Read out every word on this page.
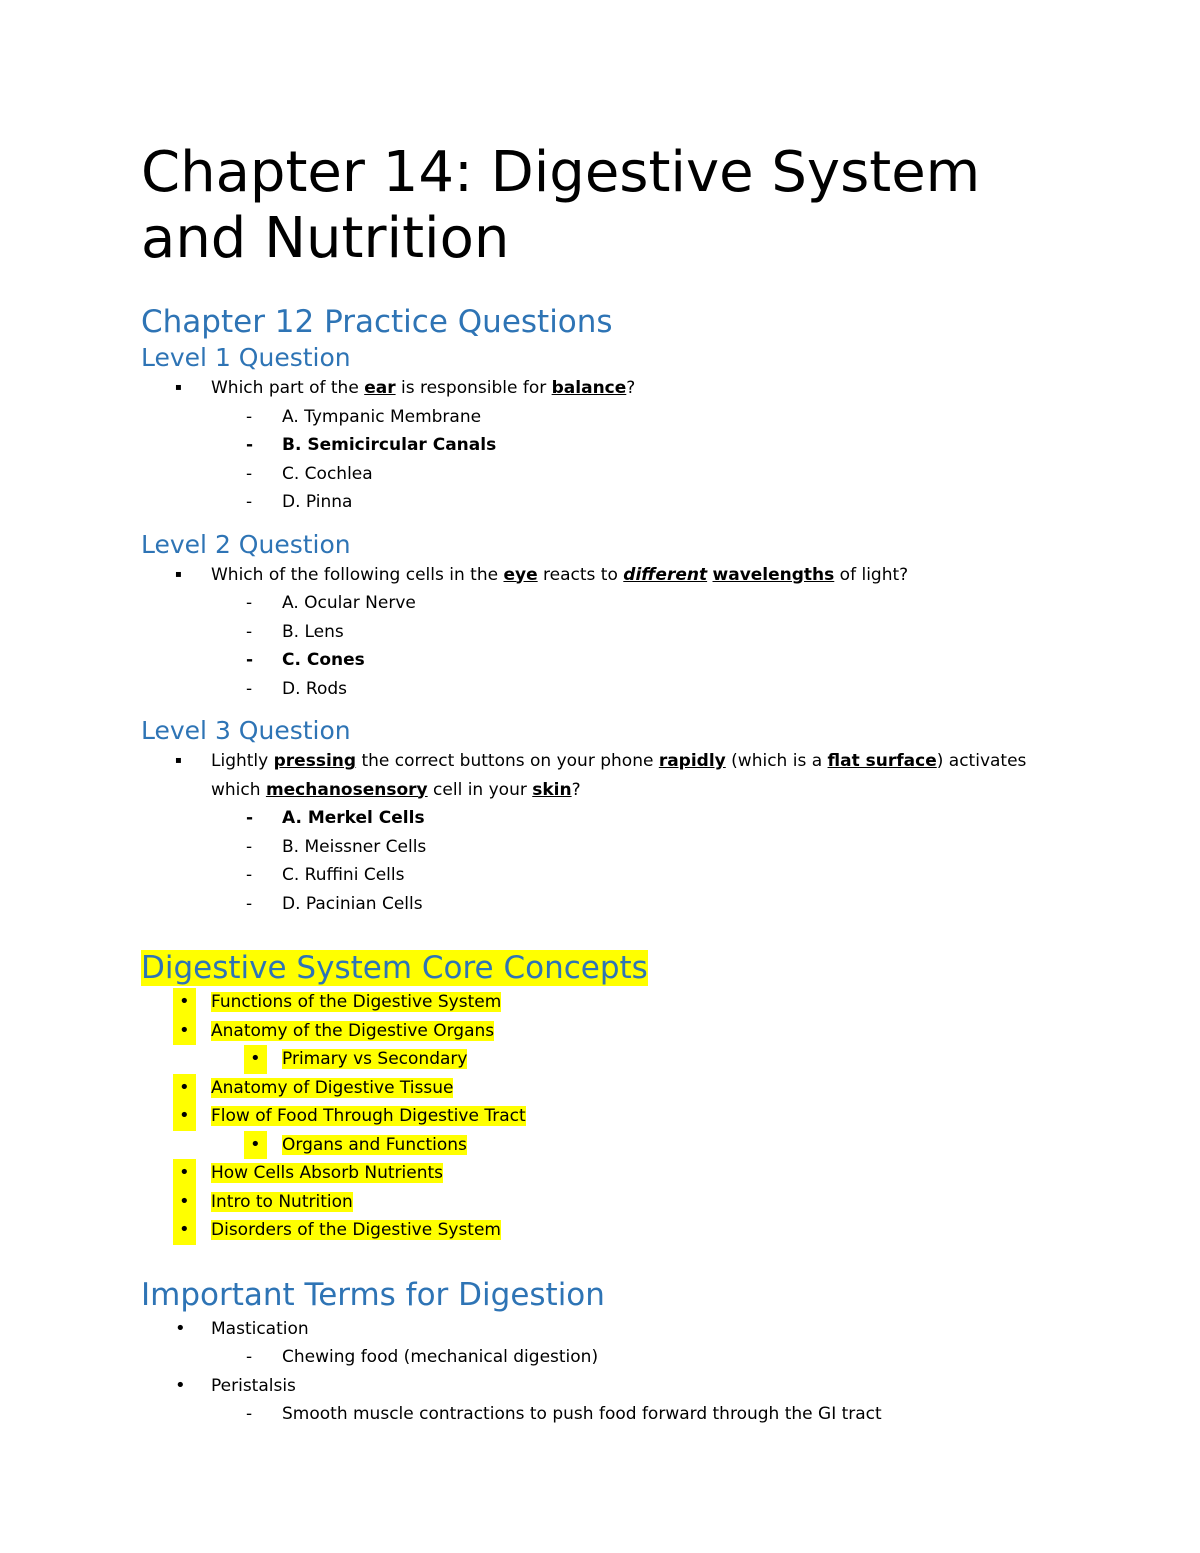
Chapter 14: Digestive System and Nutrition
Chapter 12 Practice Questions
Level 1 Question
▪ Which part of the ear is responsible for balance?
- A. Tympanic Membrane
- B. Semicircular Canals
- C. Cochlea
- D. Pinna
Level 2 Question
▪ Which of the following cells in the eye reacts to different wavelengths of light?
- A. Ocular Nerve
- B. Lens
- C. Cones
- D. Rods
Level 3 Question
▪ Lightly pressing the correct buttons on your phone rapidly (which is a flat surface) activates
which mechanosensory cell in your skin?
- A. Merkel Cells
- B. Meissner Cells
- C. Ruffini Cells
- D. Pacinian Cells
Digestive System Core Concepts
•	Functions of the Digestive System
•	Anatomy of the Digestive Organs
•	Primary vs Secondary
•	Anatomy of Digestive Tissue
•	Flow of Food Through Digestive Tract
•	Organs and Functions
•	How Cells Absorb Nutrients
•	Intro to Nutrition
•	Disorders of the Digestive System
Important Terms for Digestion
• Mastication
- Chewing food (mechanical digestion)
• Peristalsis
- Smooth muscle contractions to push food forward through the GI tract
